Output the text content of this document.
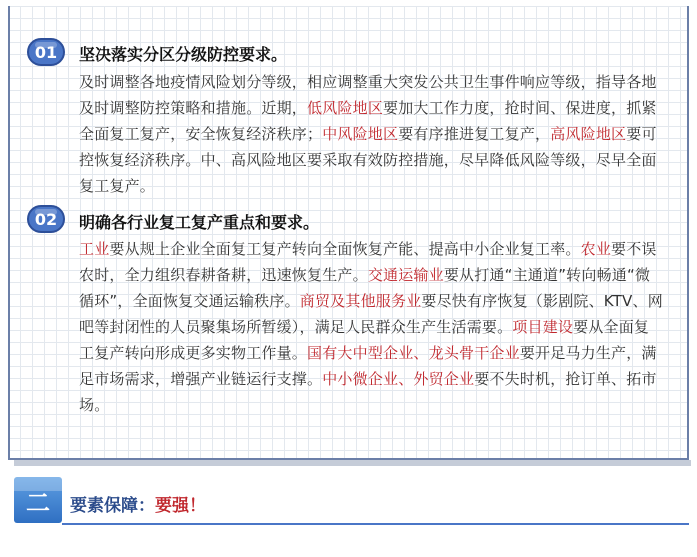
01	坚决落实分区分级防控要求。
及时调整各地疫情风险划分等级，相应调整重大突发公共卫生事件响应等级，指导各地及时调整防控策略和措施。近期，低风险地区要加大工作力度，抢时间、保进度，抓紧全面复工复产，安全恢复经济秩序；中风险地区要有序推进复工复产，高风险地区要可控恢复经济秩序。中、高风险地区要采取有效防控措施，尽早降低风险等级，尽早全面复工复产。
02	明确各行业复工复产重点和要求。
工业要从规上企业全面复工复产转向全面恢复产能、提高中小企业复工率。农业要不误农时，全力组织春耕备耕，迅速恢复生产。交通运输业要从打通“主通道”转向畅通“微循环”，全面恢复交通运输秩序。商贸及其他服务业要尽快有序恢复（影剧院、KTV、网吧等封闭性的人员聚集场所暂缓），满足人民群众生产生活需要。项目建设要从全面复工复产转向形成更多实物工作量。国有大中型企业、龙头骨干企业要开足马力生产，满足市场需求，增强产业链运行支撑。中小微企业、外贸企业要不失时机，抢订单、拓市场。
二	要素保障：要强！
